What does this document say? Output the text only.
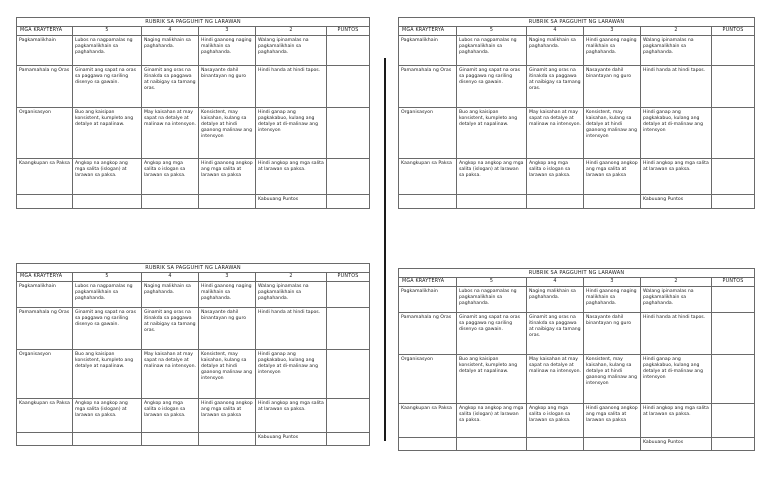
RUBRIK SA PAGGUHIT NG LARAWAN					
MGA KRAYTERYA	5	4	3	2	PUNTOS
Pagkamalikhain	Lubos na nagpamalas ng pagkamalikhain sa paghahanda.	Naging malikhain sa paghahanda.	Hindi gaanong naging malikhain sa paghahanda.	Walang ipinamalas na pagkamalikhain sa paghahanda.	
Pamamahala ng Oras	Ginamit ang sapat na oras sa paggawa ng sariling disenyo sa gawain.	Ginamit ang oras na itinakda sa paggawa at naibigay sa tamang oras.	Nasayante dahil binantayan ng guro	Hindi handa at hindi tapos.	
Organisasyon	Buo ang kaisipan konsistent, kumpleto ang detalye at napalinaw.	May kaisahan at may sapat na detalye at malinaw na intensyon.	Konsistent, may kaisahan, kulang sa detalye at hindi gaanong malinaw ang intensyon	Hindi ganap ang pagkakabuo, kulang ang detalye at di-malinaw ang intensyon	
Kaangkupan sa Paksa	Angkop na angkop ang mga salita (islogan) at larawan sa paksa.	Angkop ang mga salita o islogan sa larawan sa paksa.	Hindi gaanong angkop ang mga salita at larawan sa paksa	Hindi angkop ang mga salita at larawan sa paksa.	
				Kabuuang Puntos	
RUBRIK SA PAGGUHIT NG LARAWAN					
MGA KRAYTERYA	5	4	3	2	PUNTOS
Pagkamalikhain	Lubos na nagpamalas ng pagkamalikhain sa paghahanda.	Naging malikhain sa paghahanda.	Hindi gaanong naging malikhain sa paghahanda.	Walang ipinamalas na pagkamalikhain sa paghahanda.	
Pamamahala ng Oras	Ginamit ang sapat na oras sa paggawa ng sariling disenyo sa gawain.	Ginamit ang oras na itinakda sa paggawa at naibigay sa tamang oras.	Nasayante dahil binantayan ng guro	Hindi handa at hindi tapos.	
Organisasyon	Buo ang kaisipan konsistent, kumpleto ang detalye at napalinaw.	May kaisahan at may sapat na detalye at malinaw na intensyon.	Konsistent, may kaisahan, kulang sa detalye at hindi gaanong malinaw ang intensyon	Hindi ganap ang pagkakabuo, kulang ang detalye at di-malinaw ang intensyon	
Kaangkupan sa Paksa	Angkop na angkop ang mga salita (islogan) at larawan sa paksa.	Angkop ang mga salita o islogan sa larawan sa paksa.	Hindi gaanong angkop ang mga salita at larawan sa paksa	Hindi angkop ang mga salita at larawan sa paksa.	
				Kabuuang Puntos	
RUBRIK SA PAGGUHIT NG LARAWAN					
MGA KRAYTERYA	5	4	3	2	PUNTOS
Pagkamalikhain	Lubos na nagpamalas ng pagkamalikhain sa paghahanda.	Naging malikhain sa paghahanda.	Hindi gaanong naging malikhain sa paghahanda.	Walang ipinamalas na pagkamalikhain sa paghahanda.	
Pamamahala ng Oras	Ginamit ang sapat na oras sa paggawa ng sariling disenyo sa gawain.	Ginamit ang oras na itinakda sa paggawa at naibigay sa tamang oras.	Nasayante dahil binantayan ng guro	Hindi handa at hindi tapos.	
Organisasyon	Buo ang kaisipan konsistent, kumpleto ang detalye at napalinaw.	May kaisahan at may sapat na detalye at malinaw na intensyon.	Konsistent, may kaisahan, kulang sa detalye at hindi gaanong malinaw ang intensyon	Hindi ganap ang pagkakabuo, kulang ang detalye at di-malinaw ang intensyon	
Kaangkupan sa Paksa	Angkop na angkop ang mga salita (islogan) at larawan sa paksa.	Angkop ang mga salita o islogan sa larawan sa paksa.	Hindi gaanong angkop ang mga salita at larawan sa paksa	Hindi angkop ang mga salita at larawan sa paksa.	
				Kabuuang Puntos	
RUBRIK SA PAGGUHIT NG LARAWAN					
MGA KRAYTERYA	5	4	3	2	PUNTOS
Pagkamalikhain	Lubos na nagpamalas ng pagkamalikhain sa paghahanda.	Naging malikhain sa paghahanda.	Hindi gaanong naging malikhain sa paghahanda.	Walang ipinamalas na pagkamalikhain sa paghahanda.	
Pamamahala ng Oras	Ginamit ang sapat na oras sa paggawa ng sariling disenyo sa gawain.	Ginamit ang oras na itinakda sa paggawa at naibigay sa tamang oras.	Nasayante dahil binantayan ng guro	Hindi handa at hindi tapos.	
Organisasyon	Buo ang kaisipan konsistent, kumpleto ang detalye at napalinaw.	May kaisahan at may sapat na detalye at malinaw na intensyon.	Konsistent, may kaisahan, kulang sa detalye at hindi gaanong malinaw ang intensyon	Hindi ganap ang pagkakabuo, kulang ang detalye at di-malinaw ang intensyon	
Kaangkupan sa Paksa	Angkop na angkop ang mga salita (islogan) at larawan sa paksa.	Angkop ang mga salita o islogan sa larawan sa paksa.	Hindi gaanong angkop ang mga salita at larawan sa paksa	Hindi angkop ang mga salita at larawan sa paksa.	
				Kabuuang Puntos	
